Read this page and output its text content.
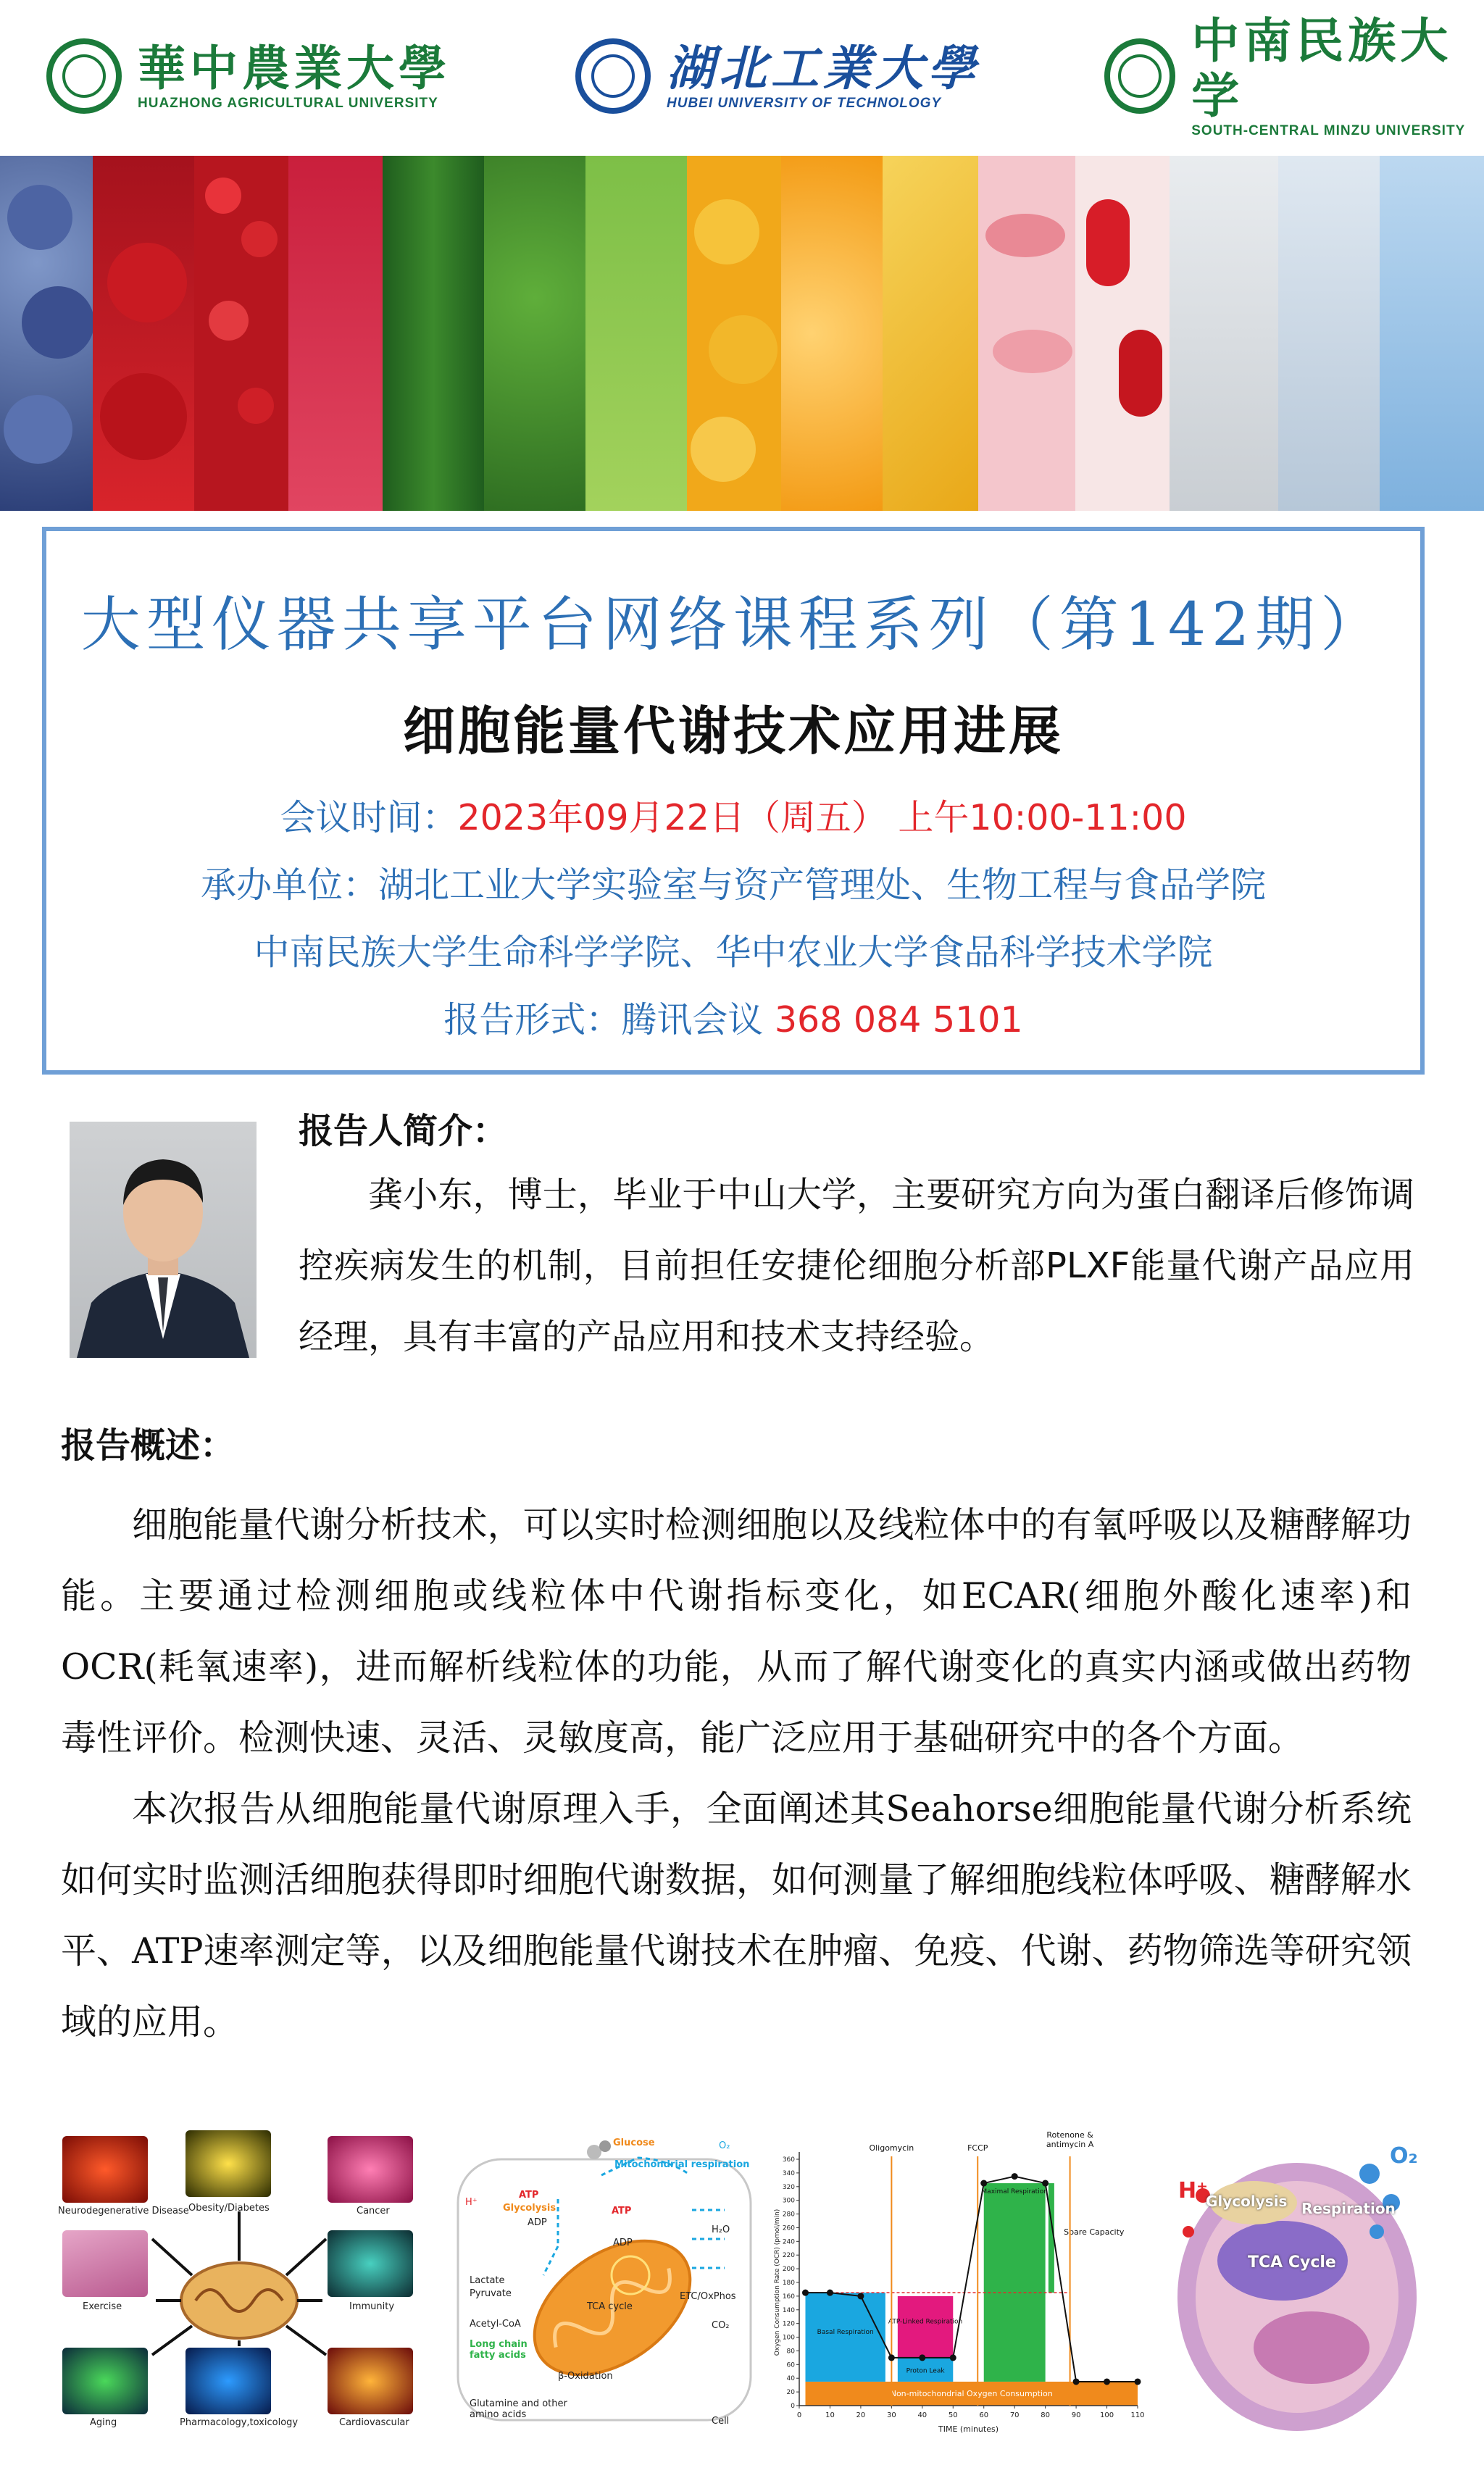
華中農業大學
HUAZHONG AGRICULTURAL UNIVERSITY
湖北工業大學
HUBEI UNIVERSITY OF TECHNOLOGY
中南民族大学
SOUTH-CENTRAL MINZU UNIVERSITY
大型仪器共享平台网络课程系列（第142期）
细胞能量代谢技术应用进展
会议时间：2023年09月22日（周五） 上午10:00-11:00
承办单位：湖北工业大学实验室与资产管理处、生物工程与食品学院
中南民族大学生命科学学院、华中农业大学食品科学技术学院
报告形式：腾讯会议 368 084 5101
报告人简介：
龚小东，博士，毕业于中山大学，主要研究方向为蛋白翻译后修饰调控疾病发生的机制，目前担任安捷伦细胞分析部PLXF能量代谢产品应用经理，具有丰富的产品应用和技术支持经验。
报告概述：

细胞能量代谢分析技术，可以实时检测细胞以及线粒体中的有氧呼吸以及糖酵解功能。主要通过检测细胞或线粒体中代谢指标变化，如ECAR(细胞外酸化速率)和OCR(耗氧速率)，进而解析线粒体的功能，从而了解代谢变化的真实内涵或做出药物毒性评价。检测快速、灵活、灵敏度高，能广泛应用于基础研究中的各个方面。

本次报告从细胞能量代谢原理入手，全面阐述其Seahorse细胞能量代谢分析系统如何实时监测活细胞获得即时细胞代谢数据，如何测量了解细胞线粒体呼吸、糖酵解水平、ATP速率测定等，以及细胞能量代谢技术在肿瘤、免疫、代谢、药物筛选等研究领域的应用。

Neurodegenerative Disease Obesity/Diabetes	Cancer
Exercise	Immunity
Aging	Pharmacology,toxicology	Cardiovascular
Glucose	O₂
Mitochondrial respiration
H⁺
ATP
Glycolysis
ADP
ATP
ADP
H₂O
Lactate
Pyruvate
TCA cycle
ETC/OxPhos
Acetyl-CoA	CO₂
Long chain fatty acids
β-Oxidation
Glutamine and other amino acids
Cell
Non-mitochondrial Oxygen Consumption
Basal Respiration
ATP-Linked Respiration
Proton Leak
Maximal Respiration
Spare Capacity
0
20
40
60
80
100
120
140
160
180
200
220
240
260
280
300
320
340
360
0	10	20	30	40	50	60	70	80	90	100 110
TIME (minutes)
Oxygen Consumption Rate (OCR) (pmol/min)
Oligomycin	FCCP
Rotenone &
antimycin A
H⁺
O₂
Glycolysis Respiration
TCA Cycle
